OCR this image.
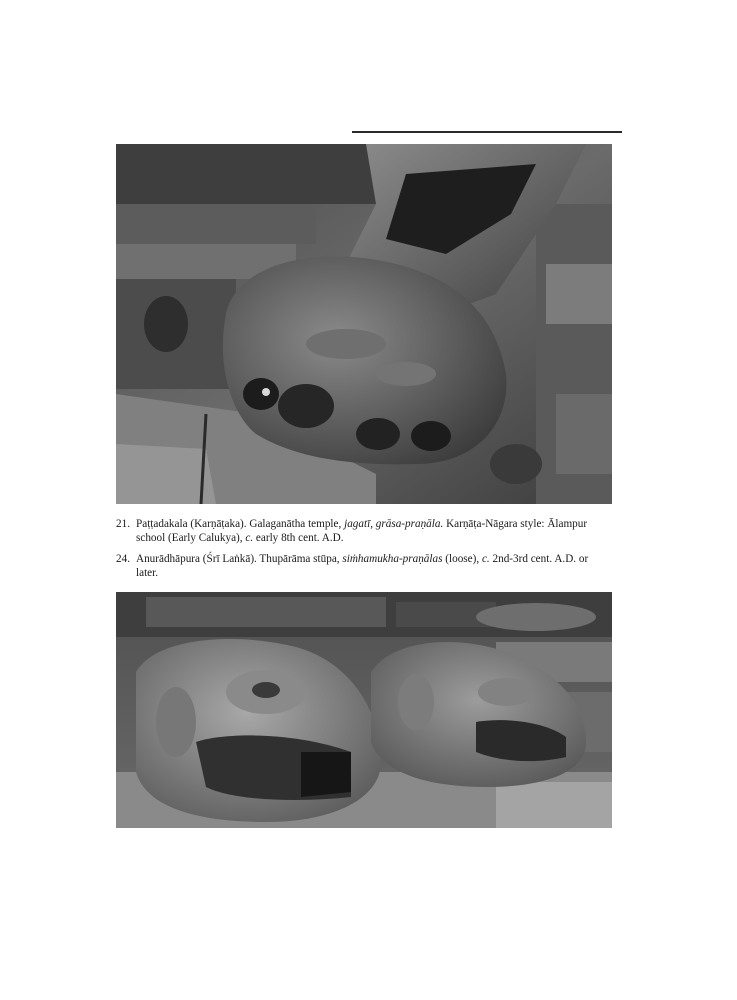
21. Paṭṭadakala (Karṇāṭaka). Galaganātha temple, jagatī, grāsa-praṇāla. Karṇāṭa-Nāgara style: Ālampur school (Early Calukya), c. early 8th cent. A.D.
24. Anurādhāpura (Śrī Laṅkā). Thupārāma stūpa, siṁhamukha-praṇālas (loose), c. 2nd-3rd cent. A.D. or later.
